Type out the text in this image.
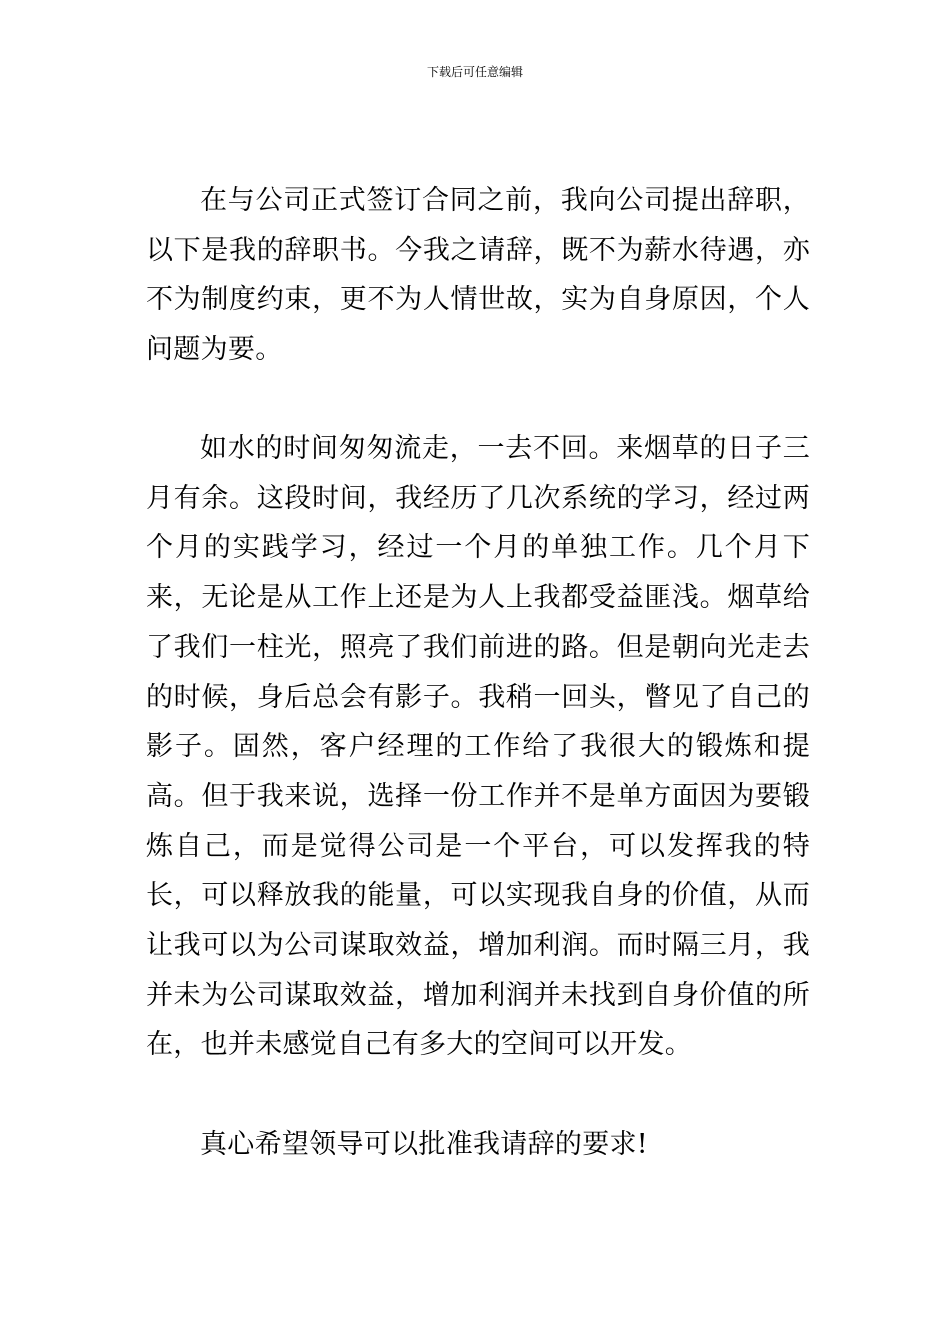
下载后可任意编辑

在与公司正式签订合同之前，我向公司提出辞职，以下是我的辞职书。今我之请辞，既不为薪水待遇，亦不为制度约束，更不为人情世故，实为自身原因，个人问题为要。

如水的时间匆匆流走，一去不回。来烟草的日子三月有余。这段时间，我经历了几次系统的学习，经过两个月的实践学习，经过一个月的单独工作。几个月下来，无论是从工作上还是为人上我都受益匪浅。烟草给了我们一柱光，照亮了我们前进的路。但是朝向光走去的时候，身后总会有影子。我稍一回头，瞥见了自己的影子。固然，客户经理的工作给了我很大的锻炼和提高。但于我来说，选择一份工作并不是单方面因为要锻炼自己，而是觉得公司是一个平台，可以发挥我的特长，可以释放我的能量，可以实现我自身的价值，从而让我可以为公司谋取效益，增加利润。而时隔三月，我并未为公司谋取效益，增加利润并未找到自身价值的所在，也并未感觉自己有多大的空间可以开发。

真心希望领导可以批准我请辞的要求!
